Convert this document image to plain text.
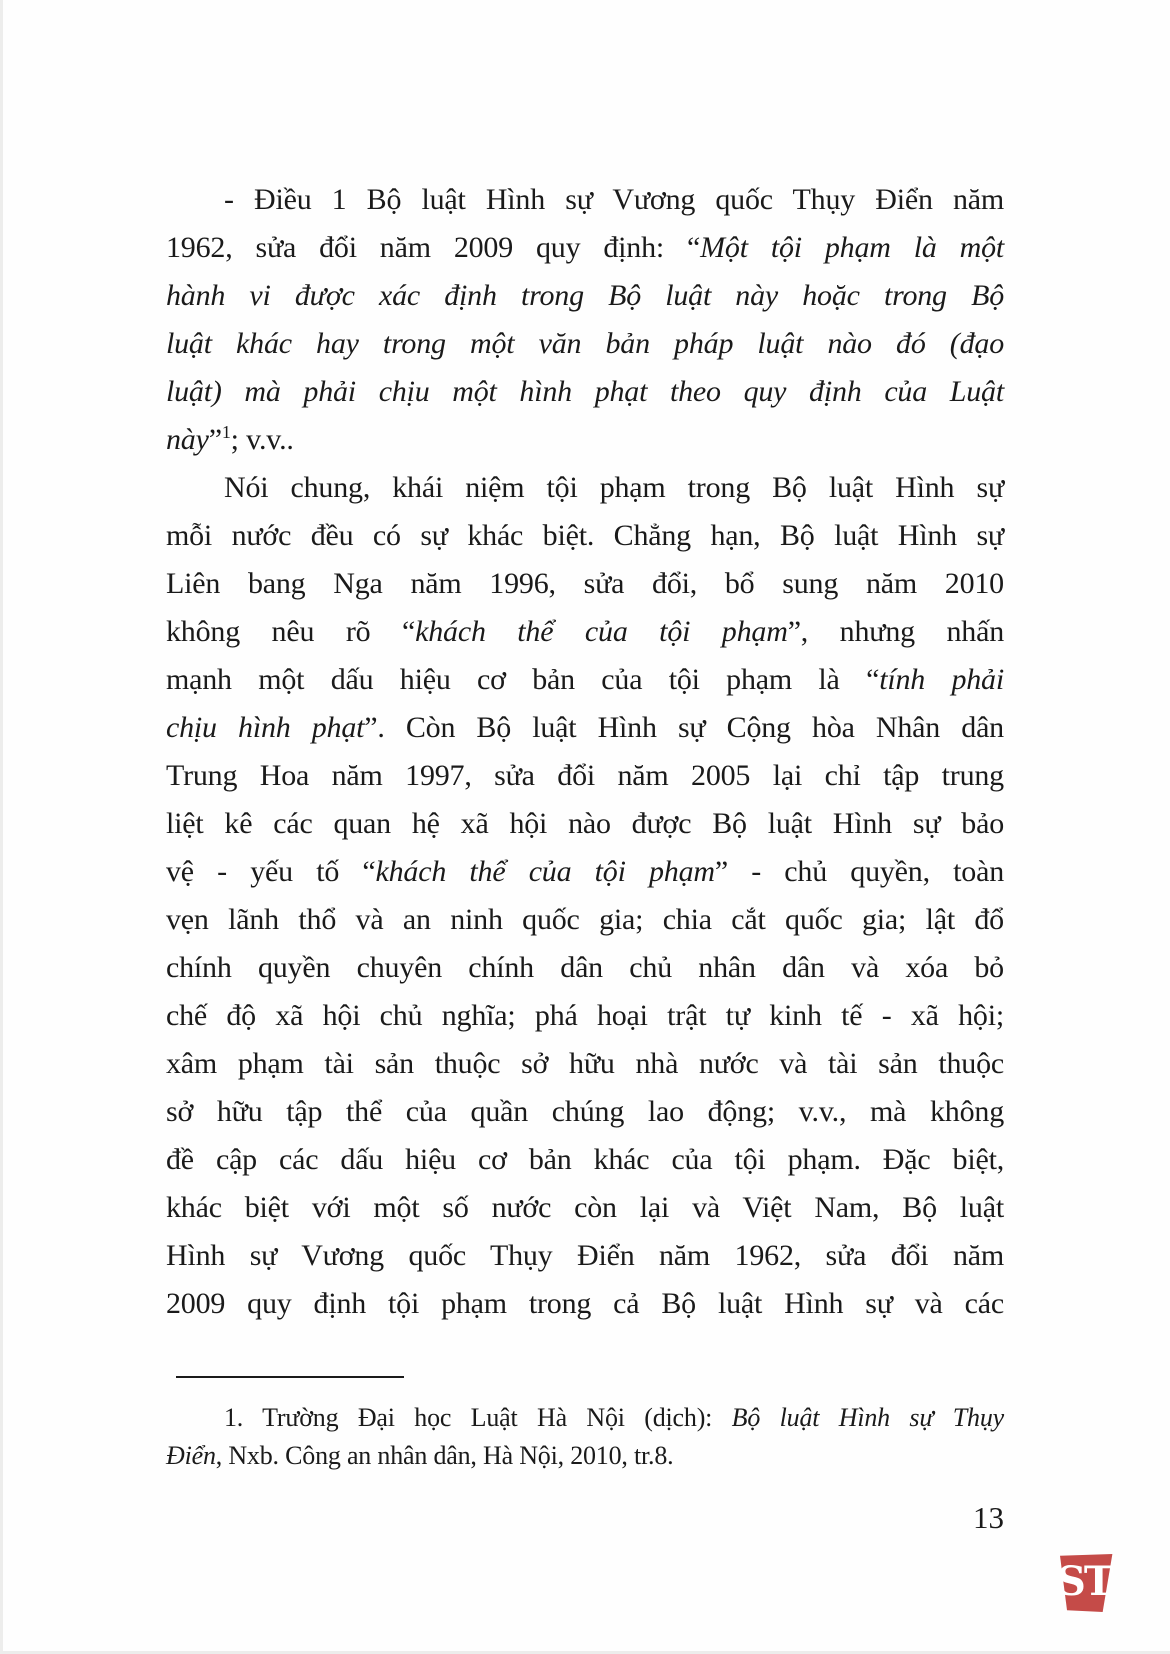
- Điều 1 Bộ luật Hình sự Vương quốc Thụy Điển năm
1962, sửa đổi năm 2009 quy định: “Một tội phạm là một
hành vi được xác định trong Bộ luật này hoặc trong Bộ
luật khác hay trong một văn bản pháp luật nào đó (đạo
luật) mà phải chịu một hình phạt theo quy định của Luật
này”$^1$; v.v..
Nói chung, khái niệm tội phạm trong Bộ luật Hình sự
mỗi nước đều có sự khác biệt. Chẳng hạn, Bộ luật Hình sự
Liên bang Nga năm 1996, sửa đổi, bổ sung năm 2010
không nêu rõ “khách thể của tội phạm”, nhưng nhấn
mạnh một dấu hiệu cơ bản của tội phạm là “tính phải
chịu hình phạt”. Còn Bộ luật Hình sự Cộng hòa Nhân dân
Trung Hoa năm 1997, sửa đổi năm 2005 lại chỉ tập trung
liệt kê các quan hệ xã hội nào được Bộ luật Hình sự bảo
vệ - yếu tố “khách thể của tội phạm” - chủ quyền, toàn
vẹn lãnh thổ và an ninh quốc gia; chia cắt quốc gia; lật đổ
chính quyền chuyên chính dân chủ nhân dân và xóa bỏ
chế độ xã hội chủ nghĩa; phá hoại trật tự kinh tế - xã hội;
xâm phạm tài sản thuộc sở hữu nhà nước và tài sản thuộc
sở hữu tập thể của quần chúng lao động; v.v., mà không
đề cập các dấu hiệu cơ bản khác của tội phạm. Đặc biệt,
khác biệt với một số nước còn lại và Việt Nam, Bộ luật
Hình sự Vương quốc Thụy Điển năm 1962, sửa đổi năm
2009 quy định tội phạm trong cả Bộ luật Hình sự và các
1. Trường Đại học Luật Hà Nội (dịch): Bộ luật Hình sự Thụy
Điển, Nxb. Công an nhân dân, Hà Nội, 2010, tr.8.
13
ST
